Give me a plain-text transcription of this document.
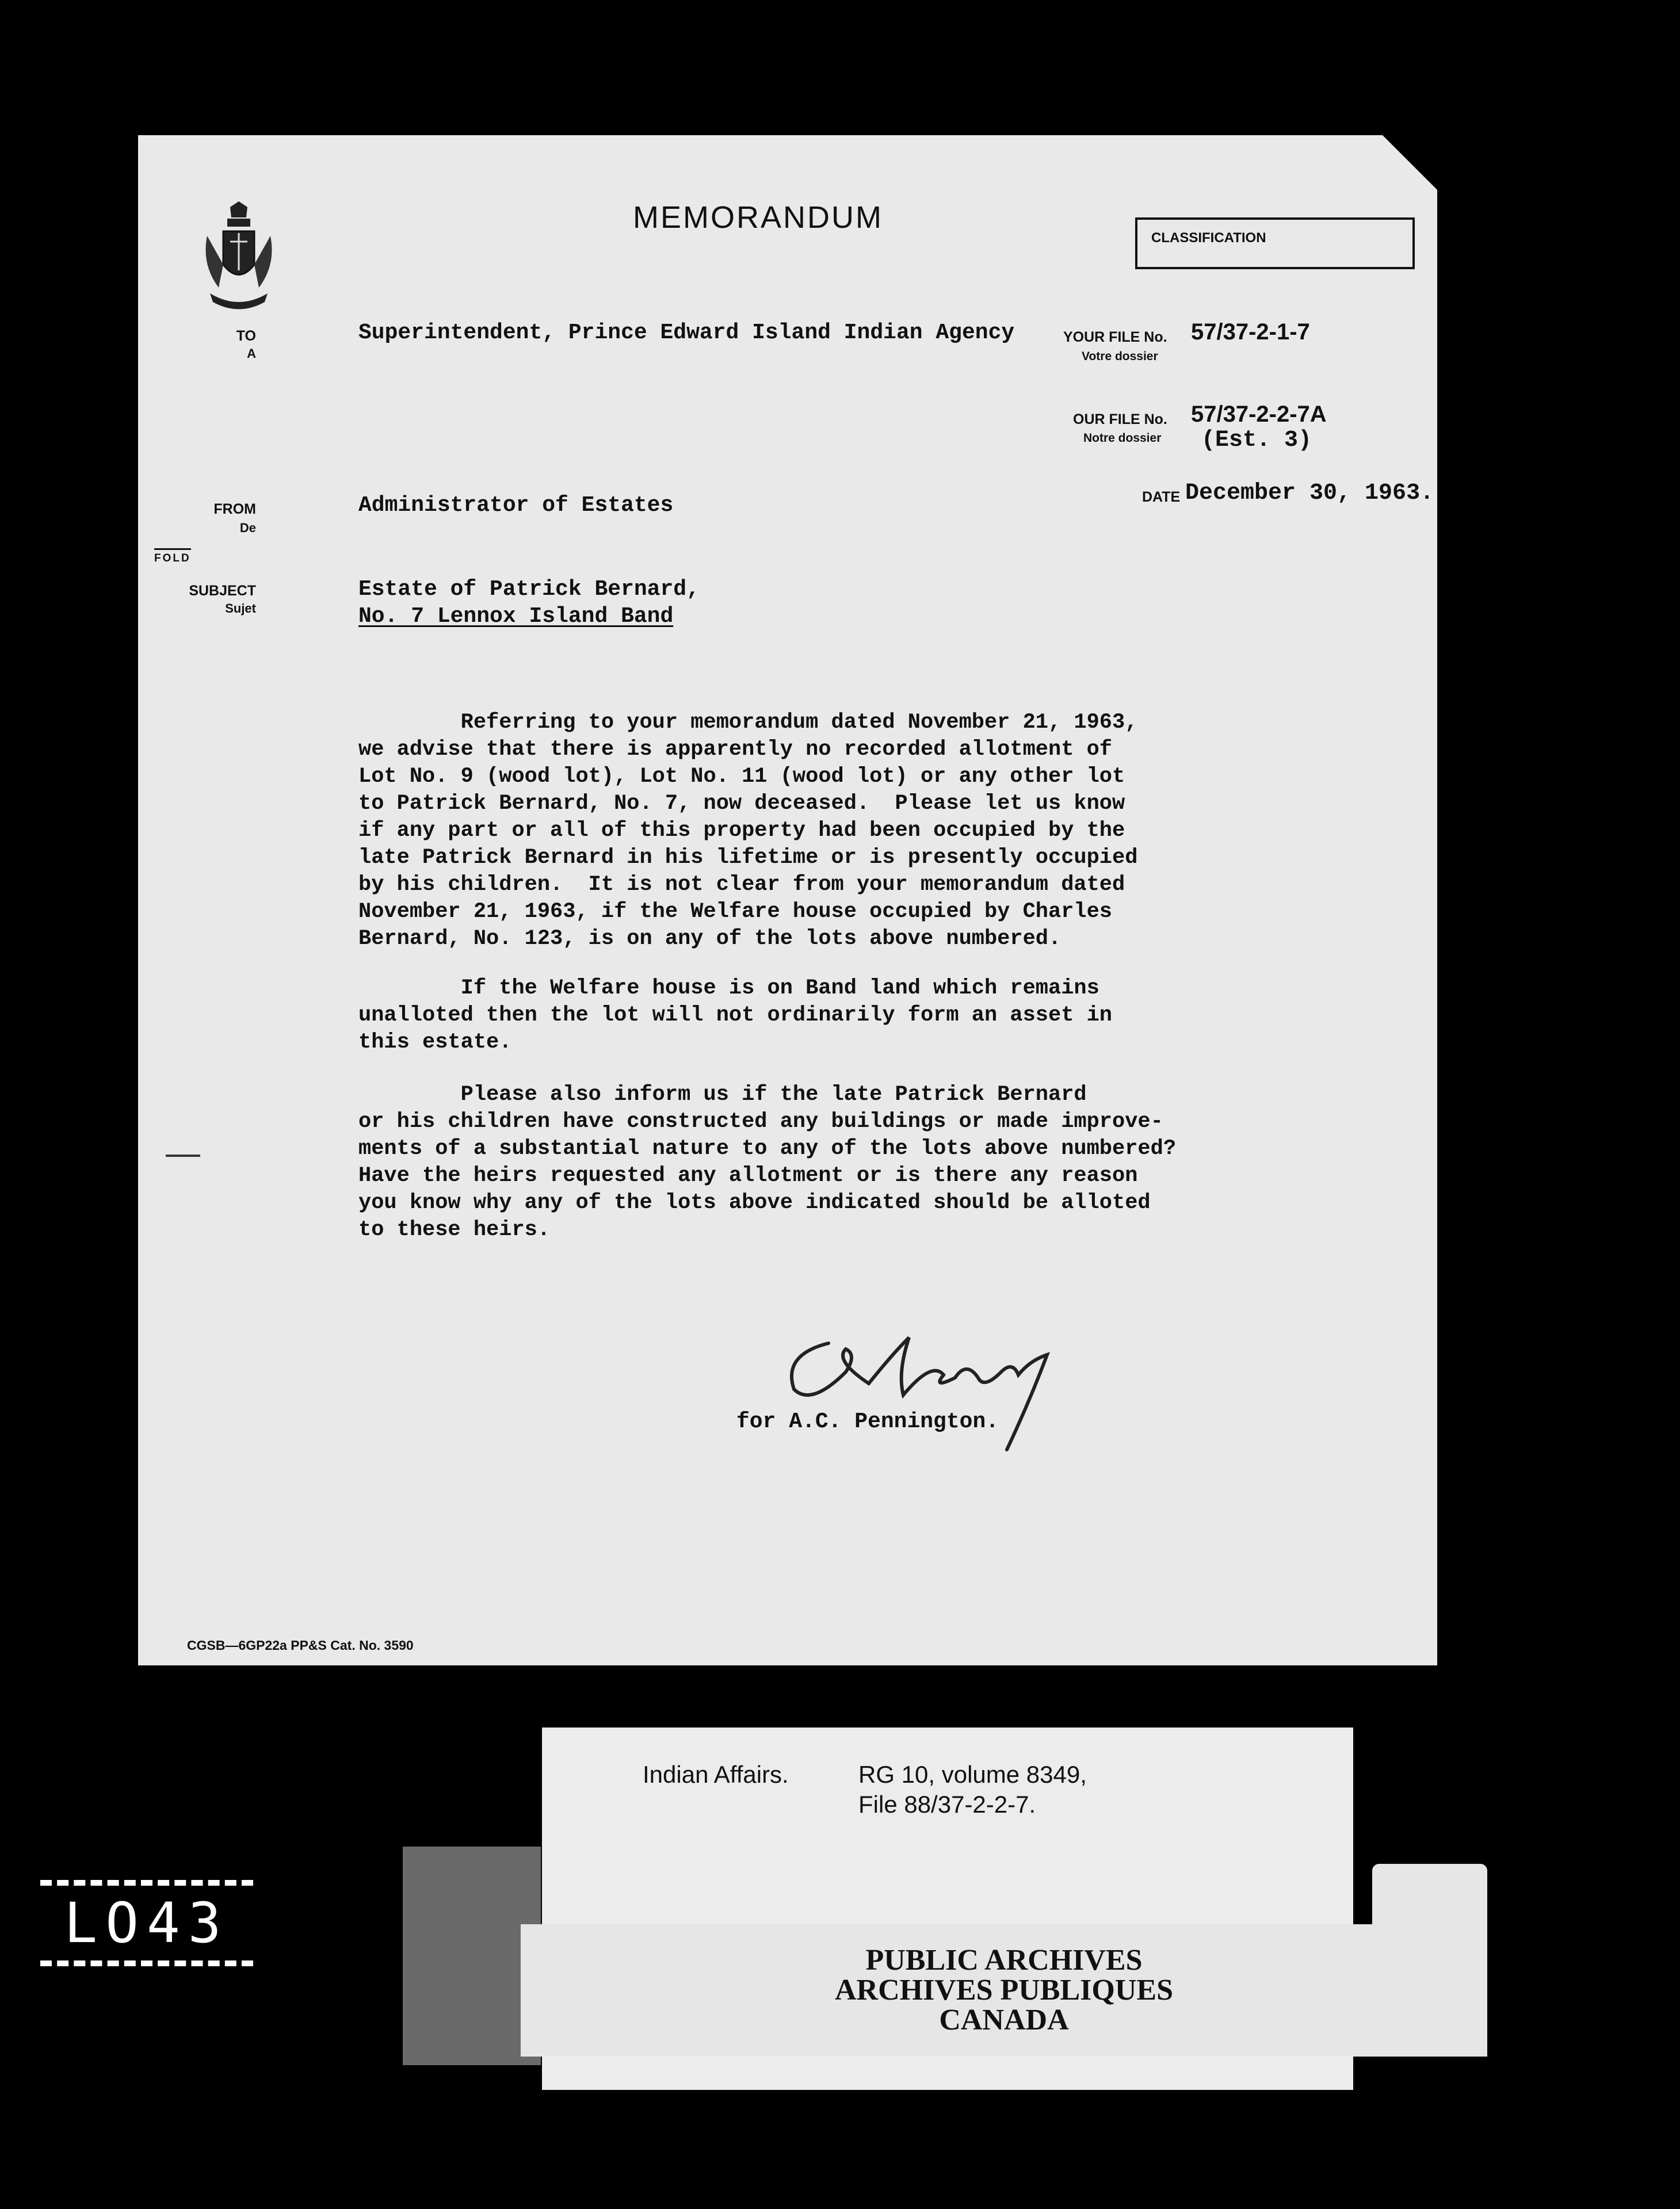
MEMORANDUM
CLASSIFICATION
TO
A
Superintendent, Prince Edward Island Indian Agency	YOUR FILE No. 57/37-2-1-7
Votre dossier
OUR FILE No. 57/37-2-2-7A
Notre dossier (Est. 3)
FROM
De
Administrator of Estates	DATE December 30, 1963.
FOLD
SUBJECT
Sujet
Estate of Patrick Bernard,
No. 7 Lennox Island Band
Referring to your memorandum dated November 21, 1963,
we advise that there is apparently no recorded allotment of
Lot No. 9 (wood lot), Lot No. 11 (wood lot) or any other lot
to Patrick Bernard, No. 7, now deceased.  Please let us know
if any part or all of this property had been occupied by the
late Patrick Bernard in his lifetime or is presently occupied
by his children.  It is not clear from your memorandum dated
November 21, 1963, if the Welfare house occupied by Charles
Bernard, No. 123, is on any of the lots above numbered.
If the Welfare house is on Band land which remains
unalloted then the lot will not ordinarily form an asset in
this estate.
Please also inform us if the late Patrick Bernard
or his children have constructed any buildings or made improve-
ments of a substantial nature to any of the lots above numbered?
Have the heirs requested any allotment or is there any reason
you know why any of the lots above indicated should be alloted
to these heirs.
for A.C. Pennington.
CGSB—6GP22a PP&S Cat. No. 3590
Indian Affairs.	RG 10, volume 8349,
File 88/37-2-2-7.
PUBLIC ARCHIVES
ARCHIVES PUBLIQUES
CANADA
LO43
